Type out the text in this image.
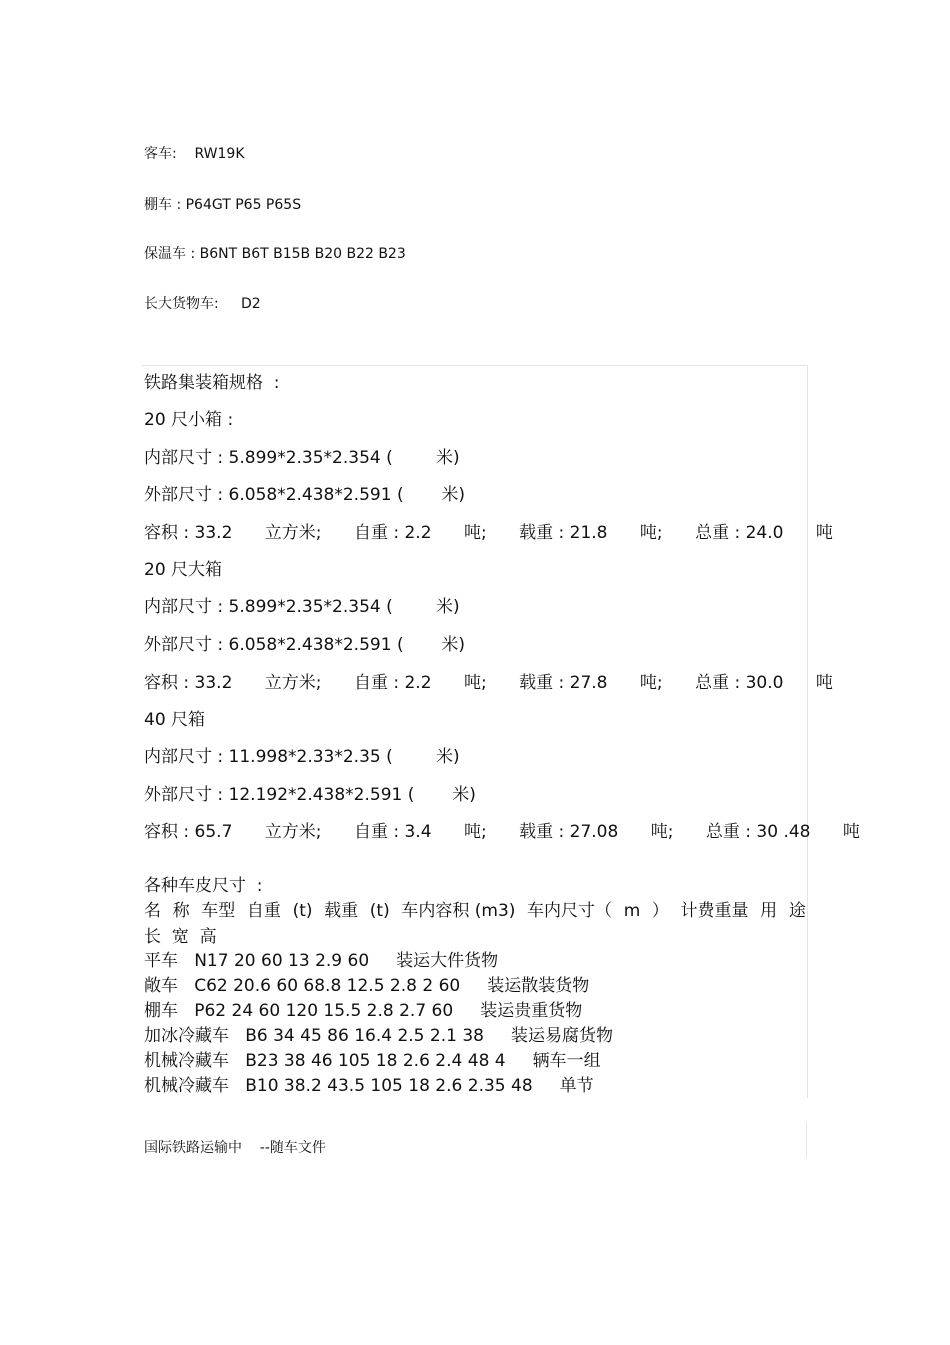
客车:    RW19K
棚车 : P64GT P65 P65S
保温车 : B6NT B6T B15B B20 B22 B23
长大货物车:     D2
铁路集装箱规格  :
20 尺小箱 :
内部尺寸 : 5.899*2.35*2.354 (        米)
外部尺寸 : 6.058*2.438*2.591 (       米)
容积 : 33.2      立方米;      自重 : 2.2      吨;      载重 : 21.8      吨;      总重 : 24.0      吨
20 尺大箱
内部尺寸 : 5.899*2.35*2.354 (        米)
外部尺寸 : 6.058*2.438*2.591 (       米)
容积 : 33.2      立方米;      自重 : 2.2      吨;      载重 : 27.8      吨;      总重 : 30.0      吨
40 尺箱
内部尺寸 : 11.998*2.33*2.35 (        米)
外部尺寸 : 12.192*2.438*2.591 (       米)
容积 : 65.7      立方米;      自重 : 3.4      吨;      载重 : 27.08      吨;      总重 : 30 .48      吨
各种车皮尺寸  :
名 称 车型 自重 (t) 载重 (t) 车内容积 (m3) 车内尺寸（ m ） 计费重量 用 途
长  宽  高
平车   N17 20 60 13 2.9 60     装运大件货物
敞车   C62 20.6 60 68.8 12.5 2.8 2 60     装运散装货物
棚车   P62 24 60 120 15.5 2.8 2.7 60     装运贵重货物
加冰冷藏车   B6 34 45 86 16.4 2.5 2.1 38     装运易腐货物
机械冷藏车   B23 38 46 105 18 2.6 2.4 48 4     辆车一组
机械冷藏车   B10 38.2 43.5 105 18 2.6 2.35 48     单节
国际铁路运输中    --随车文件
